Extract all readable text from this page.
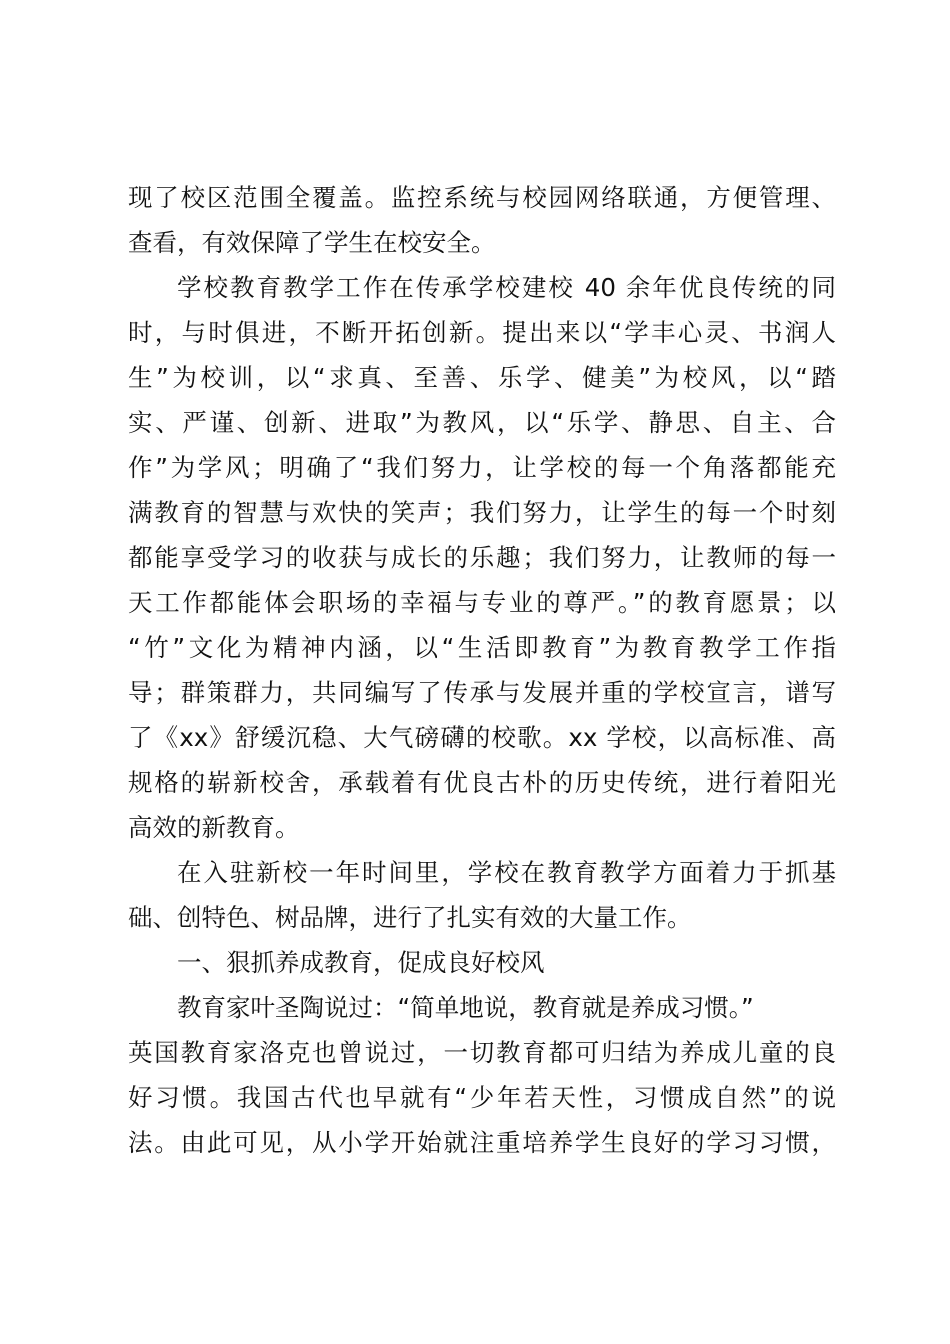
现了校区范围全覆盖。监控系统与校园网络联通，方便管理、
查看，有效保障了学生在校安全。
学校教育教学工作在传承学校建校 40 余年优良传统的同
时，与时俱进，不断开拓创新。提出来以“学丰心灵、书润人
生”为校训，以“求真、至善、乐学、健美”为校风，以“踏
实、严谨、创新、进取”为教风，以“乐学、静思、自主、合
作”为学风；明确了“我们努力，让学校的每一个角落都能充
满教育的智慧与欢快的笑声；我们努力，让学生的每一个时刻
都能享受学习的收获与成长的乐趣；我们努力，让教师的每一
天工作都能体会职场的幸福与专业的尊严。”的教育愿景；以
“竹”文化为精神内涵，以“生活即教育”为教育教学工作指
导；群策群力，共同编写了传承与发展并重的学校宣言，谱写
了《xx》舒缓沉稳、大气磅礴的校歌。xx 学校，以高标准、高
规格的崭新校舍，承载着有优良古朴的历史传统，进行着阳光
高效的新教育。
在入驻新校一年时间里，学校在教育教学方面着力于抓基
础、创特色、树品牌，进行了扎实有效的大量工作。
一、狠抓养成教育，促成良好校风
教育家叶圣陶说过：“简单地说，教育就是养成习惯。”
英国教育家洛克也曾说过，一切教育都可归结为养成儿童的良
好习惯。我国古代也早就有“少年若天性，习惯成自然”的说
法。由此可见，从小学开始就注重培养学生良好的学习习惯，
